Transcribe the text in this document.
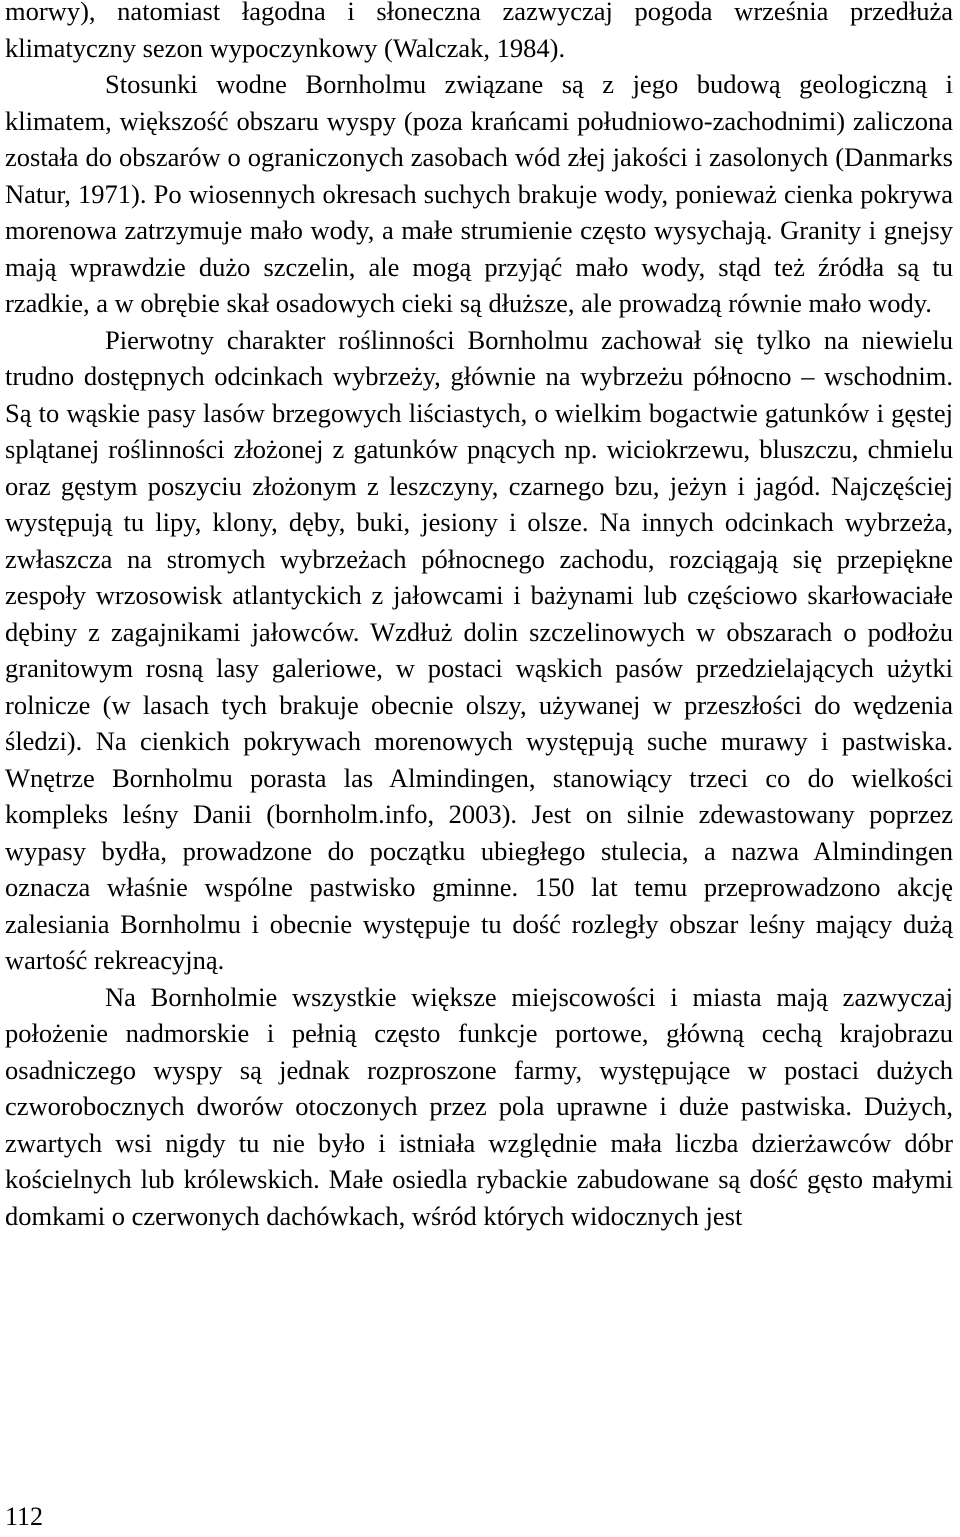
morwy), natomiast łagodna i słoneczna zazwyczaj pogoda września przedłuża klimatyczny sezon wypoczynkowy (Walczak, 1984).

Stosunki wodne Bornholmu związane są z jego budową geologiczną i klimatem, większość obszaru wyspy (poza krańcami południowo-zachodnimi) zaliczona została do obszarów o ograniczonych zasobach wód złej jakości i zasolonych (Danmarks Natur, 1971). Po wiosennych okresach suchych brakuje wody, ponieważ cienka pokrywa morenowa zatrzymuje mało wody, a małe strumienie często wysychają. Granity i gnejsy mają wprawdzie dużo szczelin, ale mogą przyjąć mało wody, stąd też źródła są tu rzadkie, a w obrębie skał osadowych cieki są dłuższe, ale prowadzą równie mało wody.

Pierwotny charakter roślinności Bornholmu zachował się tylko na niewielu trudno dostępnych odcinkach wybrzeży, głównie na wybrzeżu północno – wschodnim. Są to wąskie pasy lasów brzegowych liściastych, o wielkim bogactwie gatunków i gęstej splątanej roślinności złożonej z gatunków pnących np. wiciokrzewu, bluszczu, chmielu oraz gęstym poszyciu złożonym z leszczyny, czarnego bzu, jeżyn i jagód. Najczęściej występują tu lipy, klony, dęby, buki, jesiony i olsze. Na innych odcinkach wybrzeża, zwłaszcza na stromych wybrzeżach północnego zachodu, rozciągają się przepiękne zespoły wrzosowisk atlantyckich z jałowcami i bażynami lub częściowo skarłowaciałe dębiny z zagajnikami jałowców. Wzdłuż dolin szczelinowych w obszarach o podłożu granitowym rosną lasy galeriowe, w postaci wąskich pasów przedzielających użytki rolnicze (w lasach tych brakuje obecnie olszy, używanej w przeszłości do wędzenia śledzi). Na cienkich pokrywach morenowych występują suche murawy i pastwiska. Wnętrze Bornholmu porasta las Almindingen, stanowiący trzeci co do wielkości kompleks leśny Danii (bornholm.info, 2003). Jest on silnie zdewastowany poprzez wypasy bydła, prowadzone do początku ubiegłego stulecia, a nazwa Almindingen oznacza właśnie wspólne pastwisko gminne. 150 lat temu przeprowadzono akcję zalesiania Bornholmu i obecnie występuje tu dość rozległy obszar leśny mający dużą wartość rekreacyjną.

Na Bornholmie wszystkie większe miejscowości i miasta mają zazwyczaj położenie nadmorskie i pełnią często funkcje portowe, główną cechą krajobrazu osadniczego wyspy są jednak rozproszone farmy, występujące w postaci dużych czworobocznych dworów otoczonych przez pola uprawne i duże pastwiska. Dużych, zwartych wsi nigdy tu nie było i istniała względnie mała liczba dzierżawców dóbr kościelnych lub królewskich. Małe osiedla rybackie zabudowane są dość gęsto małymi domkami o czerwonych dachówkach, wśród których widocznych jest

112
